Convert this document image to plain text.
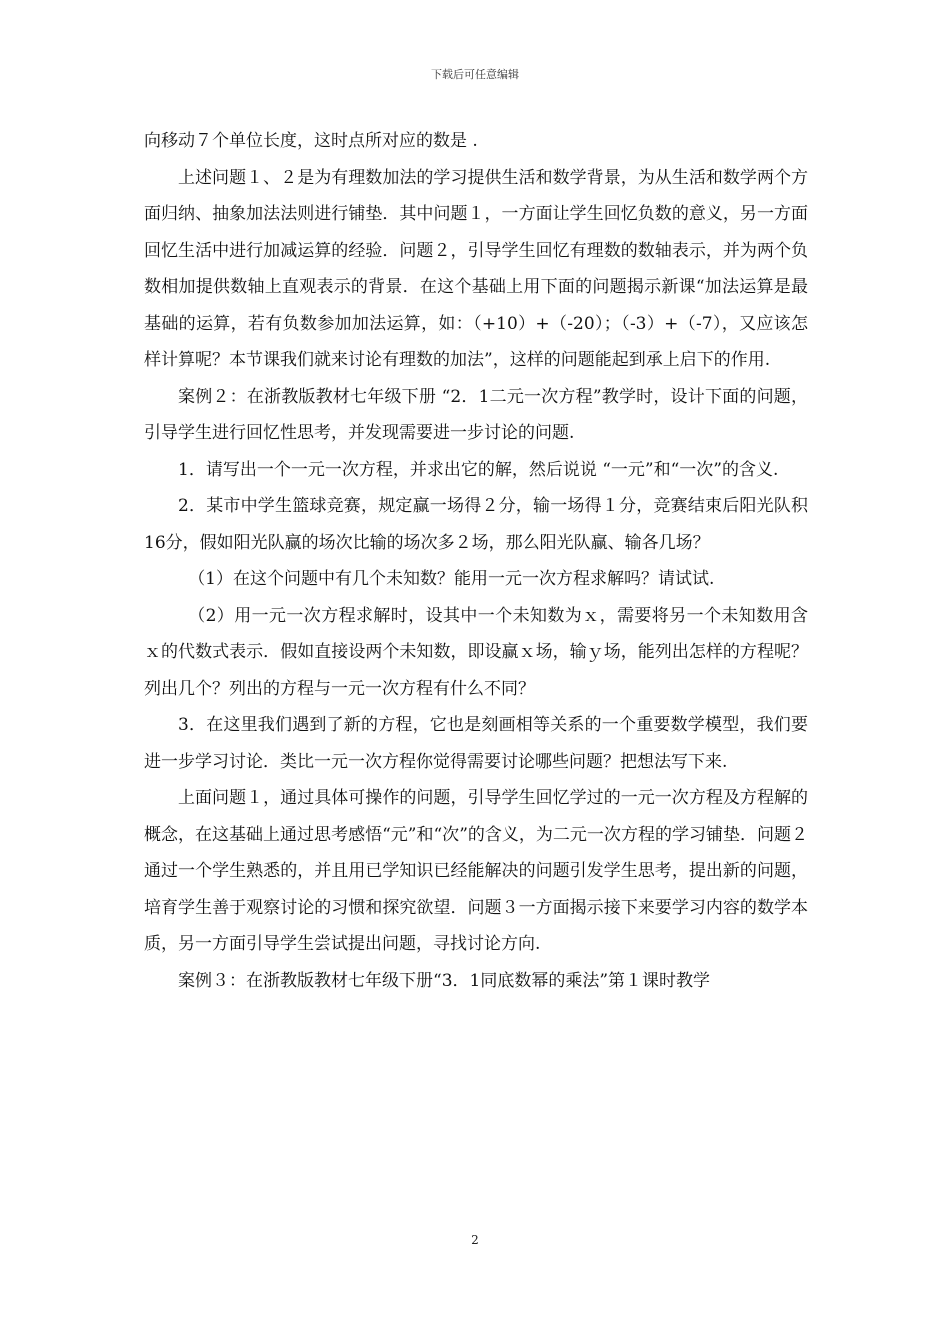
下载后可任意编辑

向移动７个单位长度，这时点所对应的数是 .

上述问题１、２是为有理数加法的学习提供生活和数学背景，为从生活和数学两个方面归纳、抽象加法法则进行铺垫．其中问题１，一方面让学生回忆负数的意义，另一方面回忆生活中进行加减运算的经验．问题２，引导学生回忆有理数的数轴表示，并为两个负数相加提供数轴上直观表示的背景．在这个基础上用下面的问题揭示新课“加法运算是最基础的运算，若有负数参加加法运算，如：（+10）+（-20）；（-3）+（-7），又应该怎样计算呢？本节课我们就来讨论有理数的加法”，这样的问题能起到承上启下的作用.

案例２：在浙教版教材七年级下册 “2．1二元一次方程”教学时，设计下面的问题，引导学生进行回忆性思考，并发现需要进一步讨论的问题.

1．请写出一个一元一次方程，并求出它的解，然后说说 “一元”和“一次”的含义.

2．某市中学生篮球竞赛，规定赢一场得２分，输一场得１分，竞赛结束后阳光队积16分，假如阳光队赢的场次比输的场次多２场，那么阳光队赢、输各几场？

（1）在这个问题中有几个未知数？能用一元一次方程求解吗？请试试.

（2）用一元一次方程求解时，设其中一个未知数为ｘ，需要将另一个未知数用含ｘ的代数式表示．假如直接设两个未知数，即设赢ｘ场，输ｙ场，能列出怎样的方程呢？列出几个？列出的方程与一元一次方程有什么不同？

3．在这里我们遇到了新的方程，它也是刻画相等关系的一个重要数学模型，我们要进一步学习讨论．类比一元一次方程你觉得需要讨论哪些问题？把想法写下来.

上面问题１，通过具体可操作的问题，引导学生回忆学过的一元一次方程及方程解的概念，在这基础上通过思考感悟“元”和“次”的含义，为二元一次方程的学习铺垫．问题２通过一个学生熟悉的，并且用已学知识已经能解决的问题引发学生思考，提出新的问题，培育学生善于观察讨论的习惯和探究欲望．问题３一方面揭示接下来要学习内容的数学本质，另一方面引导学生尝试提出问题，寻找讨论方向.

案例３：在浙教版教材七年级下册“3．1同底数幂的乘法”第１课时教学

2
